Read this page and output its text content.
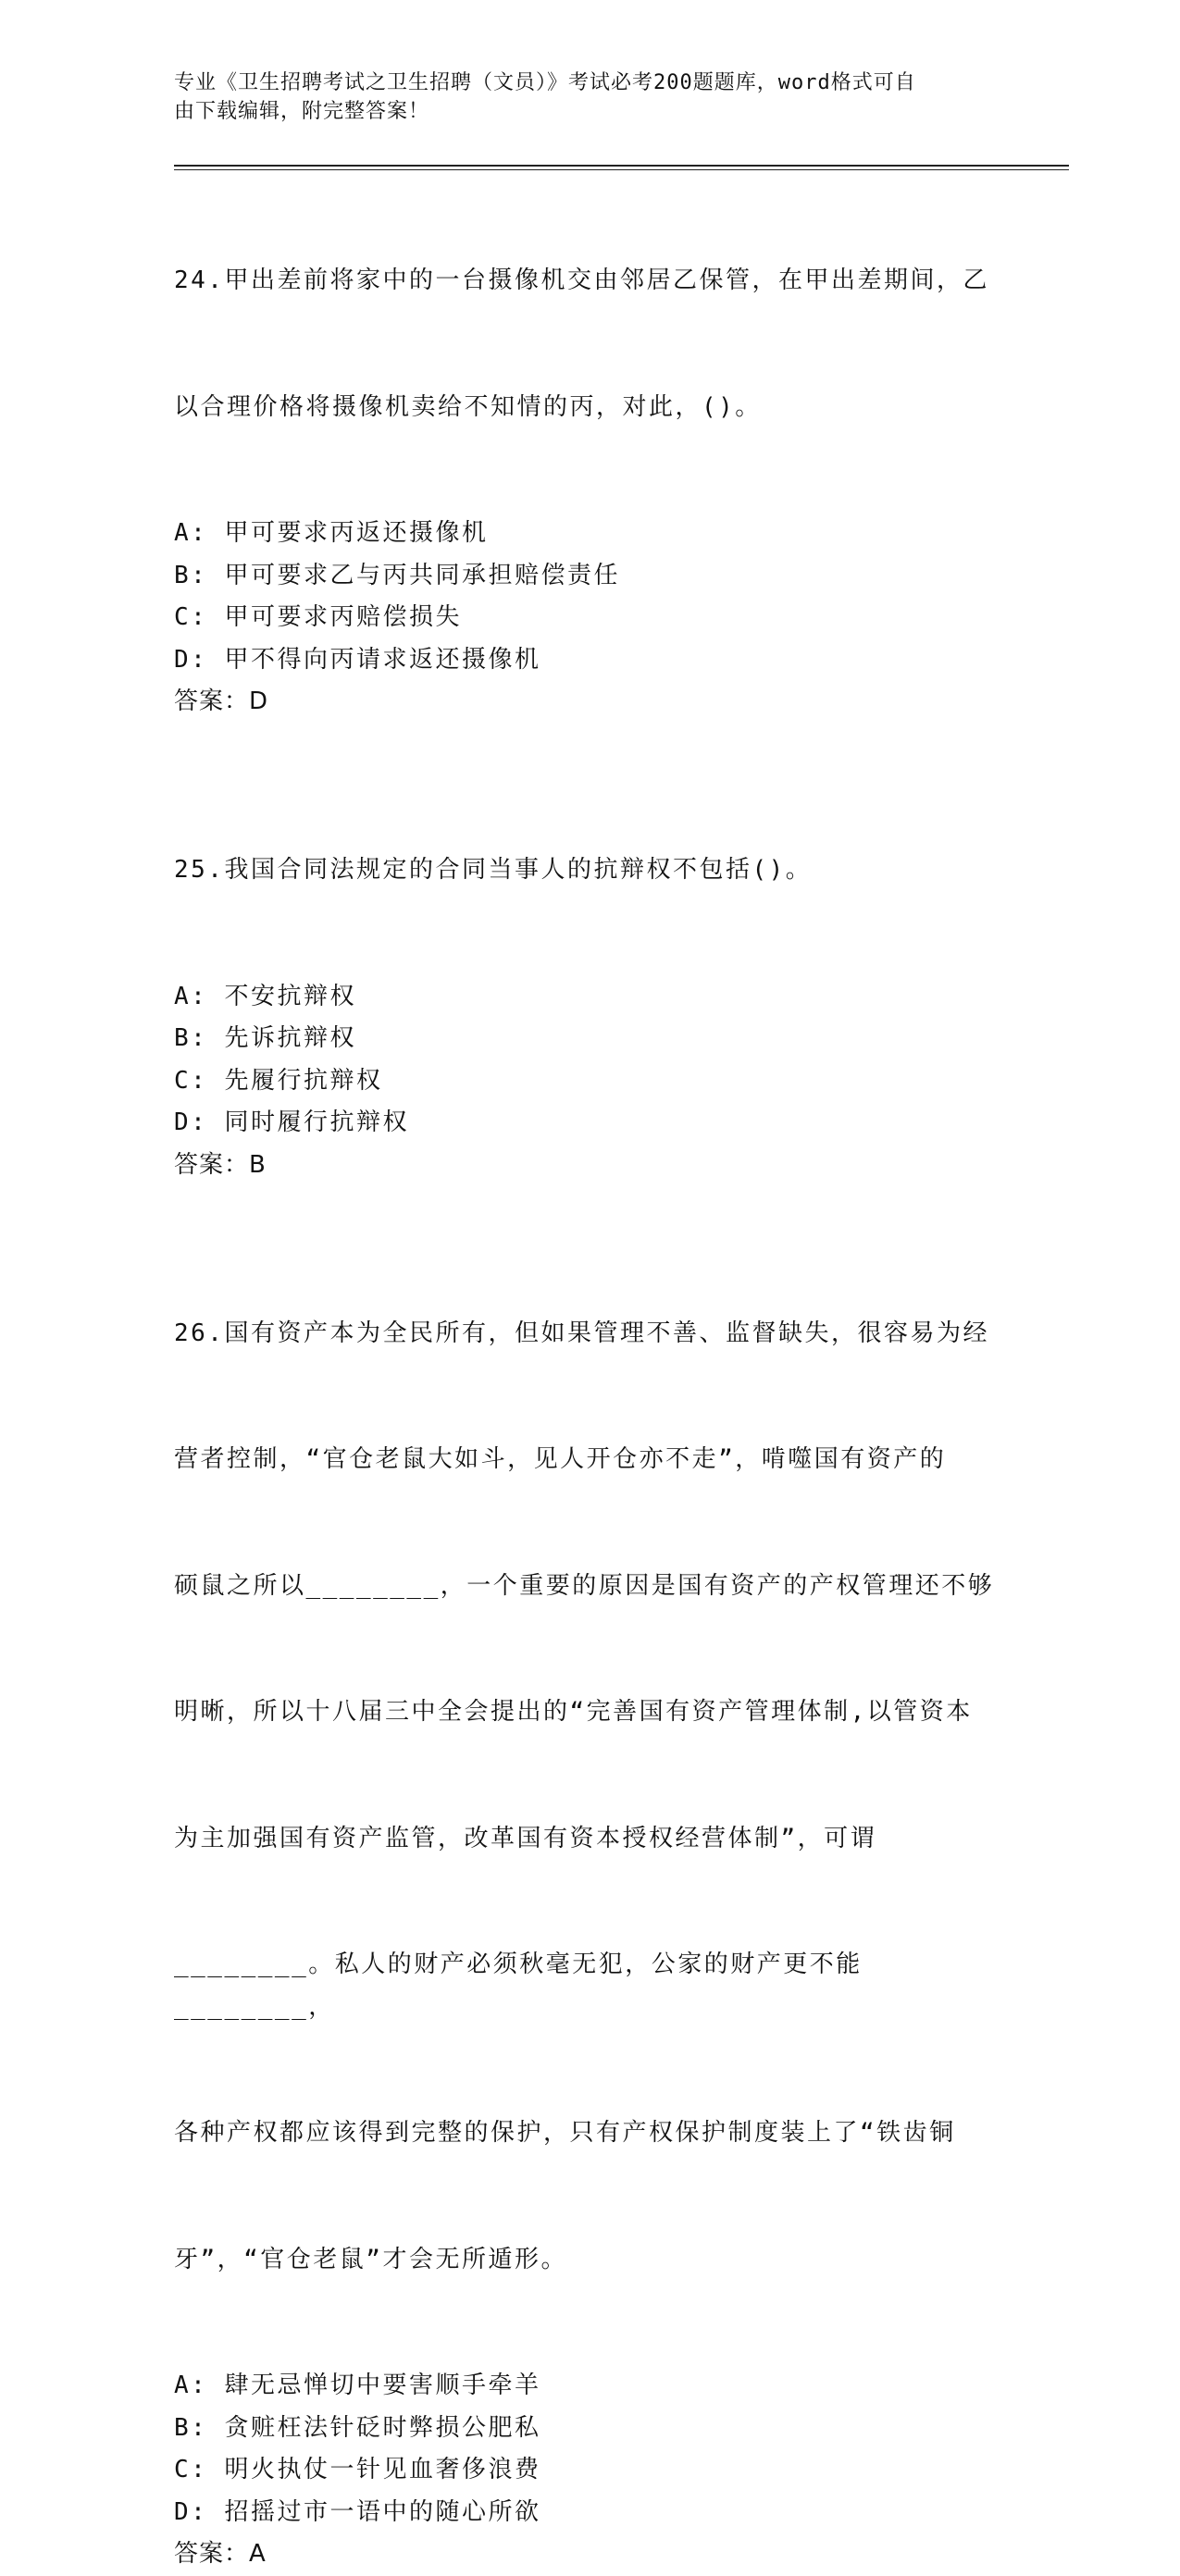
专业《卫生招聘考试之卫生招聘（文员）》考试必考200题题库，word格式可自
由下载编辑，附完整答案！

24.甲出差前将家中的一台摄像机交由邻居乙保管，在甲出差期间，乙

以合理价格将摄像机卖给不知情的丙，对此，()。

A: 甲可要求丙返还摄像机
B: 甲可要求乙与丙共同承担赔偿责任
C: 甲可要求丙赔偿损失
D: 甲不得向丙请求返还摄像机
答案：D

25.我国合同法规定的合同当事人的抗辩权不包括()。

A: 不安抗辩权
B: 先诉抗辩权
C: 先履行抗辩权
D: 同时履行抗辩权
答案：B

26.国有资产本为全民所有，但如果管理不善、监督缺失，很容易为经

营者控制，“官仓老鼠大如斗，见人开仓亦不走”，啃噬国有资产的

硕鼠之所以________，一个重要的原因是国有资产的产权管理还不够

明晰，所以十八届三中全会提出的“完善国有资产管理体制,以管资本

为主加强国有资产监管，改革国有资本授权经营体制”，可谓

________。私人的财产必须秋毫无犯，公家的财产更不能________，

各种产权都应该得到完整的保护，只有产权保护制度装上了“铁齿铜

牙”，“官仓老鼠”才会无所遁形。

A: 肆无忌惮切中要害顺手牵羊
B: 贪赃枉法针砭时弊损公肥私
C: 明火执仗一针见血奢侈浪费
D: 招摇过市一语中的随心所欲
答案：A
